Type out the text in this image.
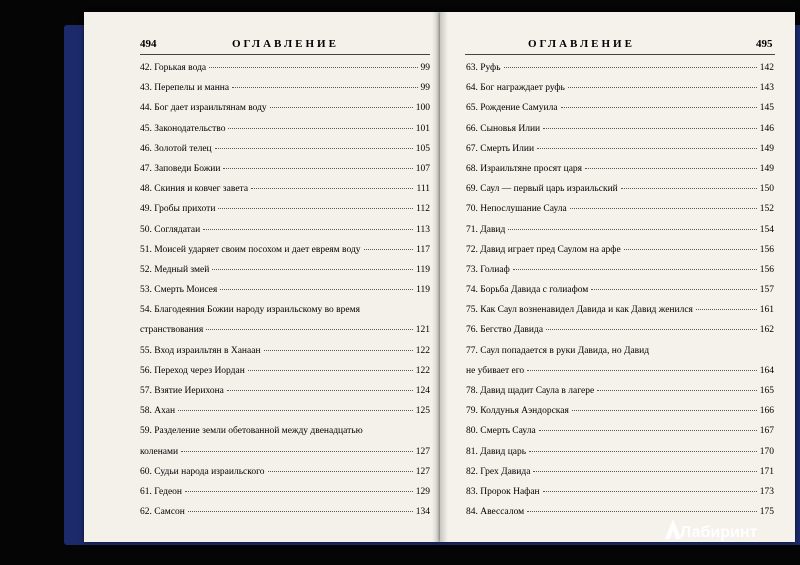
494	ОГЛАВЛЕНИЕ	ОГЛАВЛЕНИЕ	495
42. Горькая вода	99
43. Перепелы и манна	99
44. Бог дает израильтянам воду	100
45. Законодательство	101
46. Золотой телец	105
47. Заповеди Божии	107
48. Скиния и ковчег завета	111
49. Гробы прихоти	112
50. Соглядатаи	113
51. Моисей ударяет своим посохом и дает евреям воду	117
52. Медный змей	119
53. Смерть Моисея	119
54. Благодеяния Божии народу израильскому во время
странствования	121
55. Вход израильтян в Ханаан	122
56. Переход через Иордан	122
57. Взятие Иерихона	124
58. Ахан	125
59. Разделение земли обетованной между двенадцатью
коленами	127
60. Судьи народа израильского	127
61. Гедеон	129
62. Самсон	134
63. Руфь	142
64. Бог награждает руфь	143
65. Рождение Самуила	145
66. Сыновья Илии	146
67. Смерть Илии	149
68. Израильтяне просят царя	149
69. Саул — первый царь израильский	150
70. Непослушание Саула	152
71. Давид	154
72. Давид играет пред Саулом на арфе	156
73. Голиаф	156
74. Борьба Давида с голиафом	157
75. Как Саул возненавидел Давида и как Давид женился	161
76. Бегство Давида	162
77. Саул попадается в руки Давида, но Давид
не убивает его	164
78. Давид щадит Саула в лагере	165
79. Колдунья Аэндорская	166
80. Смерть Саула	167
81. Давид царь	170
82. Грех Давида	171
83. Пророк Нафан	173
84. Авессалом	175
Лабиринт
